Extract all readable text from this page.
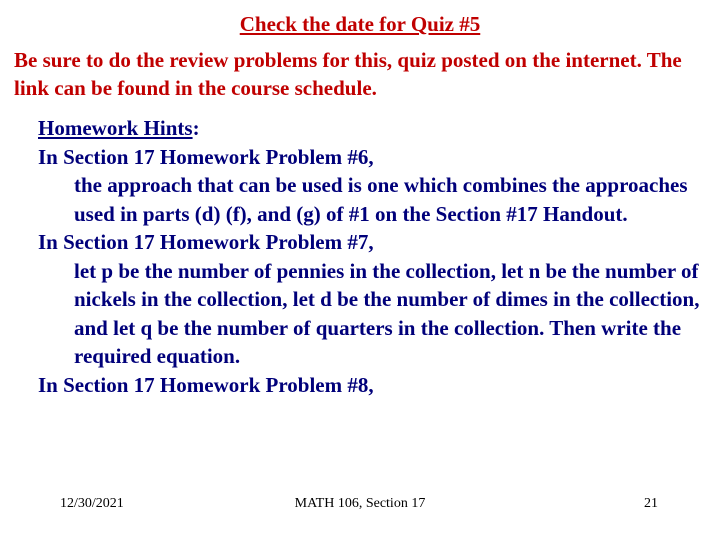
Check the date for Quiz #5
Be sure to do the review problems for this, quiz posted on the internet. The link can be found in the course schedule.
Homework Hints:
In Section 17 Homework Problem #6,
the approach that can be used is one which combines the approaches used in parts (d) (f), and (g) of #1 on the Section #17 Handout.
In Section 17 Homework Problem #7,
let p be the number of pennies in the collection, let n be the number of nickels in the collection, let d be the number of dimes in the collection, and let q be the number of quarters in the collection. Then write the required equation.
In Section 17 Homework Problem #8,
12/30/2021	MATH 106, Section 17	21
